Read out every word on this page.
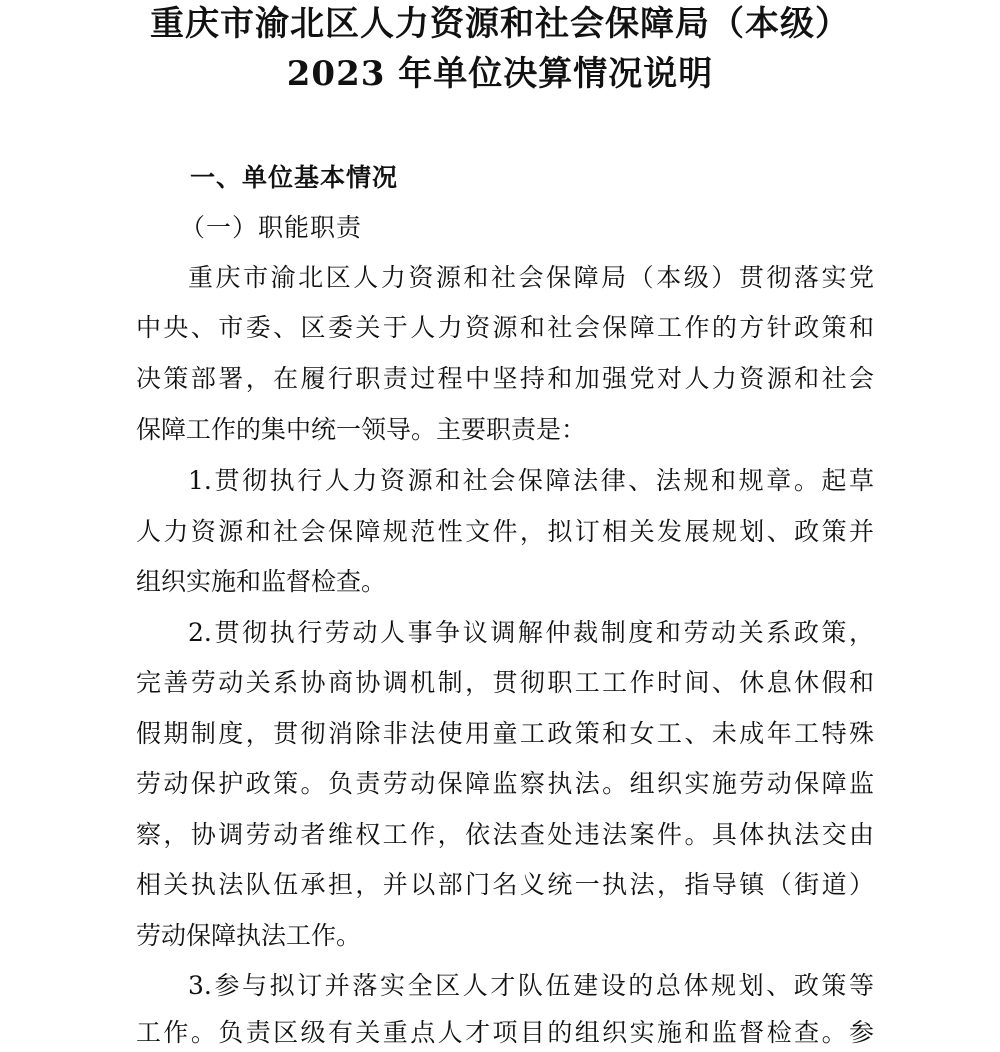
重庆市渝北区人力资源和社会保障局（本级）
2023 年单位决算情况说明
一、单位基本情况
（一）职能职责
重庆市渝北区人力资源和社会保障局（本级）贯彻落实党
中央、市委、区委关于人力资源和社会保障工作的方针政策和
决策部署，在履行职责过程中坚持和加强党对人力资源和社会
保障工作的集中统一领导。主要职责是：
1.贯彻执行人力资源和社会保障法律、法规和规章。起草
人力资源和社会保障规范性文件，拟订相关发展规划、政策并
组织实施和监督检查。
2.贯彻执行劳动人事争议调解仲裁制度和劳动关系政策，
完善劳动关系协商协调机制，贯彻职工工作时间、休息休假和
假期制度，贯彻消除非法使用童工政策和女工、未成年工特殊
劳动保护政策。负责劳动保障监察执法。组织实施劳动保障监
察，协调劳动者维权工作，依法查处违法案件。具体执法交由
相关执法队伍承担，并以部门名义统一执法，指导镇（街道）
劳动保障执法工作。
3.参与拟订并落实全区人才队伍建设的总体规划、政策等
工作。负责区级有关重点人才项目的组织实施和监督检查。参
